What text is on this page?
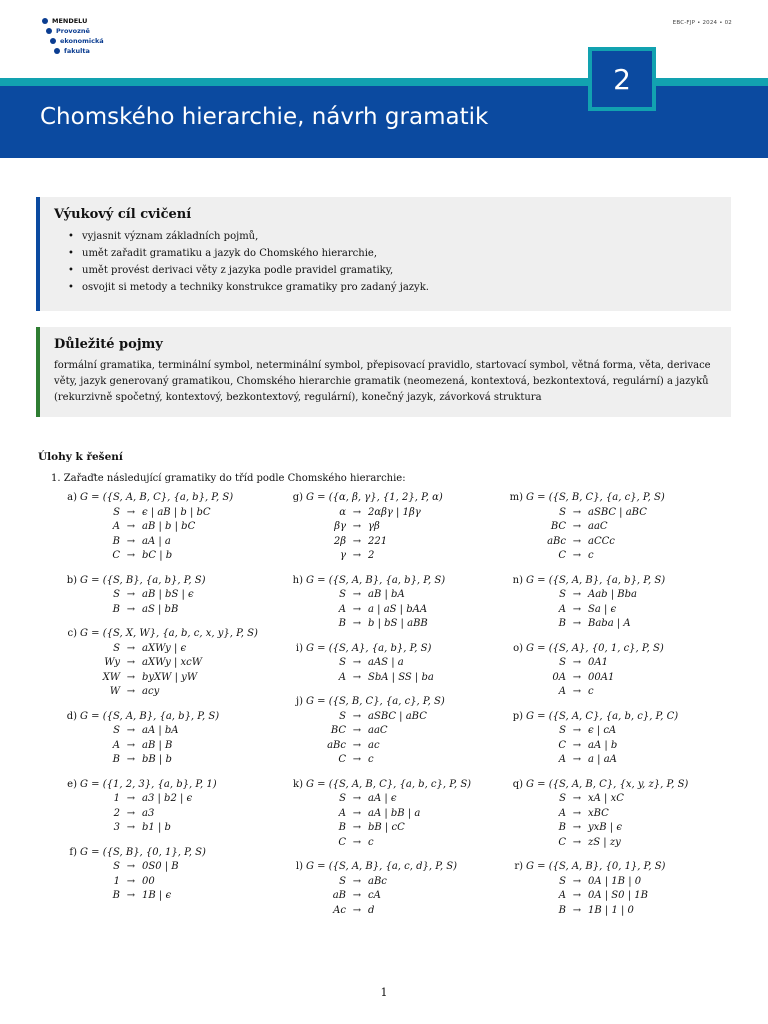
MENDELU
Provozně
ekonomická
fakulta
EBC-FJP • 2024 • 02
Chomského hierarchie, návrh gramatik
2
Výukový cíl cvičení
• vyjasnit význam základních pojmů,
• umět zařadit gramatiku a jazyk do Chomského hierarchie,
• umět provést derivaci věty z jazyka podle pravidel gramatiky,
• osvojit si metody a techniky konstrukce gramatiky pro zadaný jazyk.
Důležité pojmy
formální gramatika, terminální symbol, neterminální symbol, přepisovací pravidlo, startovací symbol, větná forma, věta, derivace věty, jazyk generovaný gramatikou, Chomského hierarchie gramatik (neomezená, kontextová, bezkontextová, regulární) a jazyků (rekurzivně spočetný, kontextový, bezkontextový, regulární), konečný jazyk, závorková struktura
Úlohy k řešení
1. Zařaďte následující gramatiky do tříd podle Chomského hierarchie:
a) G = ({S, A, B, C}, {a, b}, P, S)
S → ϵ | aB | b | bC
A → aB | b | bC
B → aA | a
C → bC | b
b) G = ({S, B}, {a, b}, P, S)
S → aB | bS | ϵ
B → aS | bB
c) G = ({S, X, W}, {a, b, c, x, y}, P, S)
S → aXWy | ϵ
Wy → aXWy | xcW
XW → byXW | yW
W → acy
d) G = ({S, A, B}, {a, b}, P, S)
S → aA | bA
A → aB | B
B → bB | b
e) G = ({1, 2, 3}, {a, b}, P, 1)
1 → a3 | b2 | ϵ
2 → a3
3 → b1 | b
f) G = ({S, B}, {0, 1}, P, S)
S → 0S0 | B
1 → 00
B → 1B | ϵ
g) G = ({α, β, γ}, {1, 2}, P, α)
α → 2αβγ | 1βγ
βγ → γβ
2β → 221
γ → 2
h) G = ({S, A, B}, {a, b}, P, S)
S → aB | bA
A → a | aS | bAA
B → b | bS | aBB
i) G = ({S, A}, {a, b}, P, S)
S → aAS | a
A → SbA | SS | ba
j) G = ({S, B, C}, {a, c}, P, S)
S → aSBC | aBC
BC → aaC
aBc → ac
C → c
k) G = ({S, A, B, C}, {a, b, c}, P, S)
S → aA | ϵ
A → aA | bB | a
B → bB | cC
C → c
l) G = ({S, A, B}, {a, c, d}, P, S)
S → aBc
aB → cA
Ac → d
m) G = ({S, B, C}, {a, c}, P, S)
S → aSBC | aBC
BC → aaC
aBc → aCCc
C → c
n) G = ({S, A, B}, {a, b}, P, S)
S → Aab | Bba
A → Sa | ϵ
B → Baba | A
o) G = ({S, A}, {0, 1, c}, P, S)
S → 0A1
0A → 00A1
A → c
p) G = ({S, A, C}, {a, b, c}, P, C)
S → ϵ | cA
C → aA | b
A → a | aA
q) G = ({S, A, B, C}, {x, y, z}, P, S)
S → xA | xC
A → xBC
B → yxB | ϵ
C → zS | zy
r) G = ({S, A, B}, {0, 1}, P, S)
S → 0A | 1B | 0
A → 0A | S0 | 1B
B → 1B | 1 | 0
1
